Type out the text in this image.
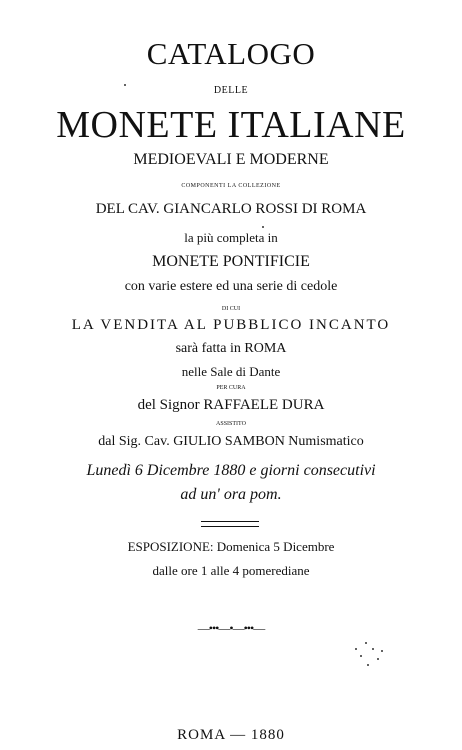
CATALOGO
DELLE
MONETE ITALIANE
MEDIOEVALI E MODERNE
COMPONENTI LA COLLEZIONE
DEL CAV. GIANCARLO ROSSI DI ROMA
la più completa in
MONETE PONTIFICIE
con varie estere ed una serie di cedole
DI CUI
LA VENDITA AL PUBBLICO INCANTO
sarà fatta in ROMA
nelle Sale di Dante
PER CURA
del Signor RAFFAELE DURA
ASSISTITO
dal Sig. Cav. GIULIO SAMBON Numismatico
Lunedì 6 Dicembre 1880 e giorni consecutivi
ad un' ora pom.
ESPOSIZIONE: Domenica 5 Dicembre
dalle ore 1 alle 4 pomerediane
—•••—•—•••—
ROMA — 1880
